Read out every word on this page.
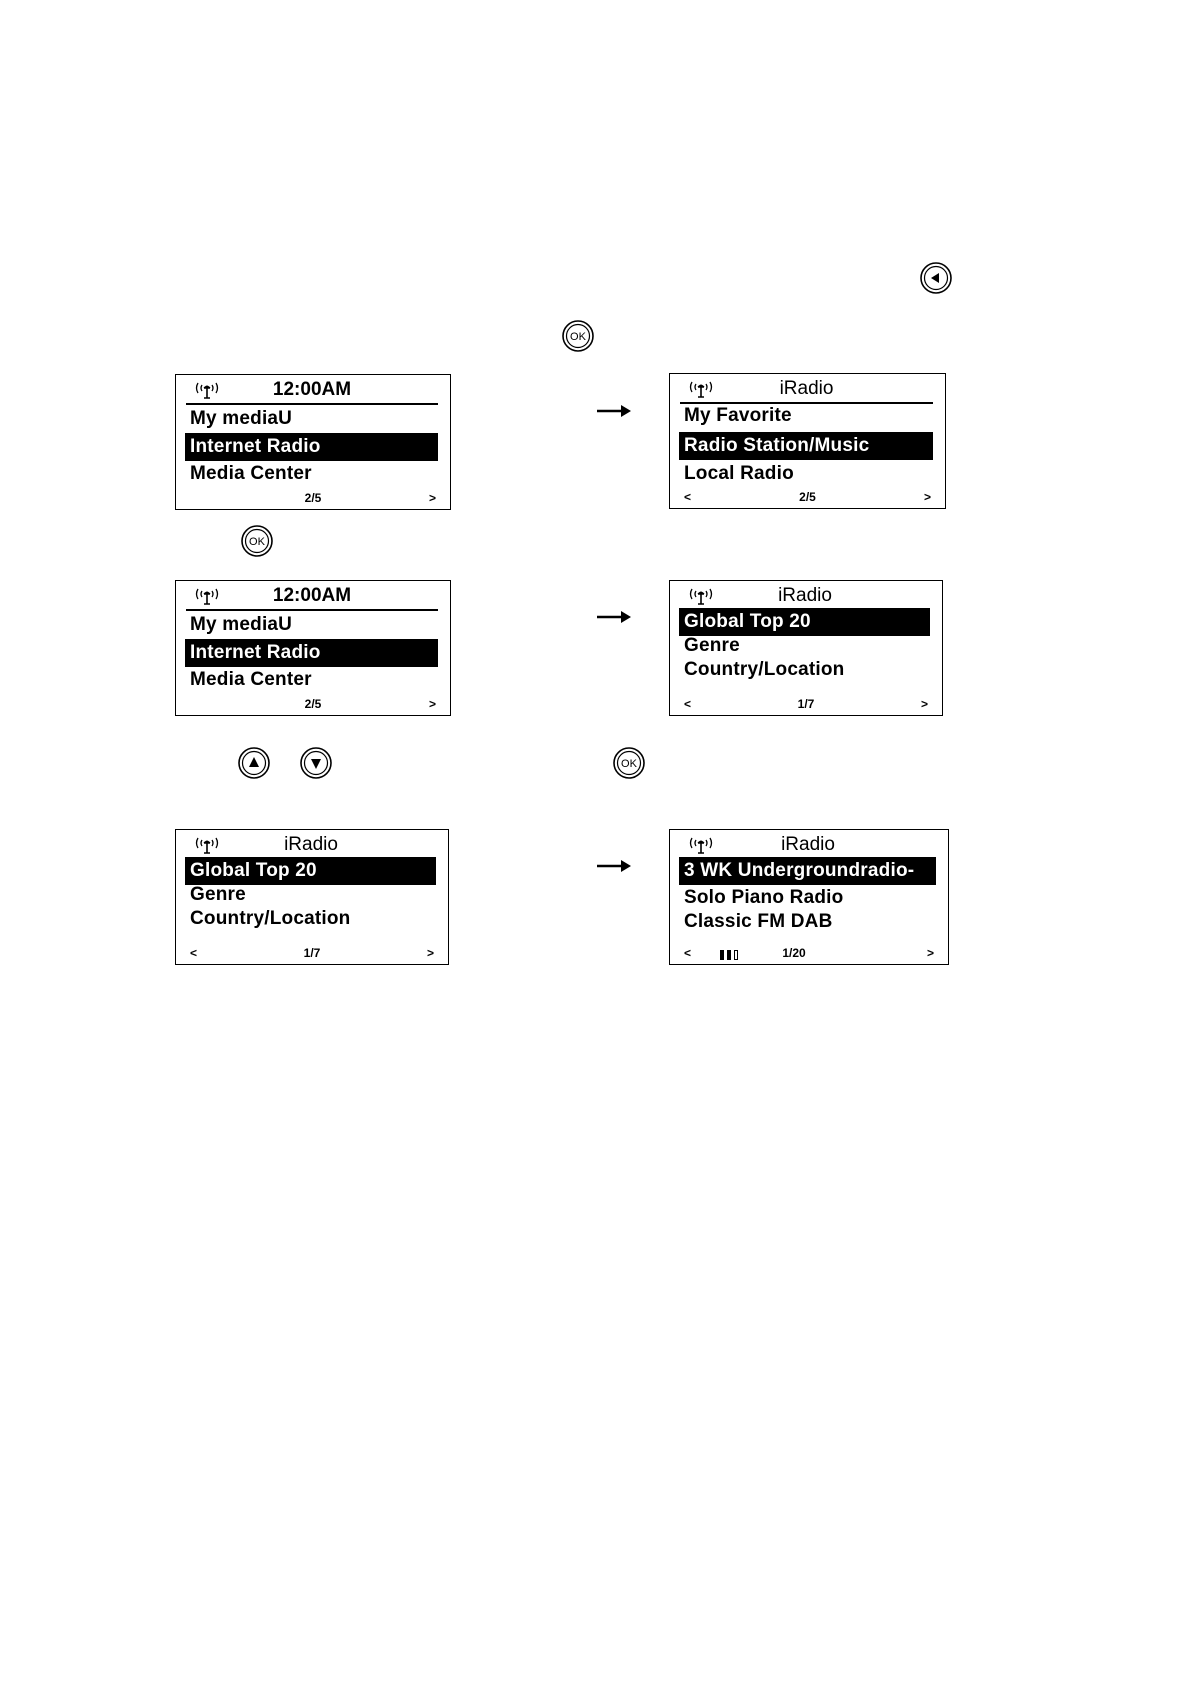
OK
12:00AM
My mediaU
Internet Radio
Media Center
2/5	>
iRadio
My Favorite
Radio Station/Music
Local Radio
<	2/5	>
OK
12:00AM
My mediaU
Internet Radio
Media Center
2/5	>
iRadio
Global Top 20
Genre
Country/Location
<	1/7	>
OK
iRadio
Global Top 20
Genre
Country/Location
<	1/7	>
iRadio
3 WK Undergroundradio-
Solo Piano Radio
Classic FM DAB
<	1/20	>
